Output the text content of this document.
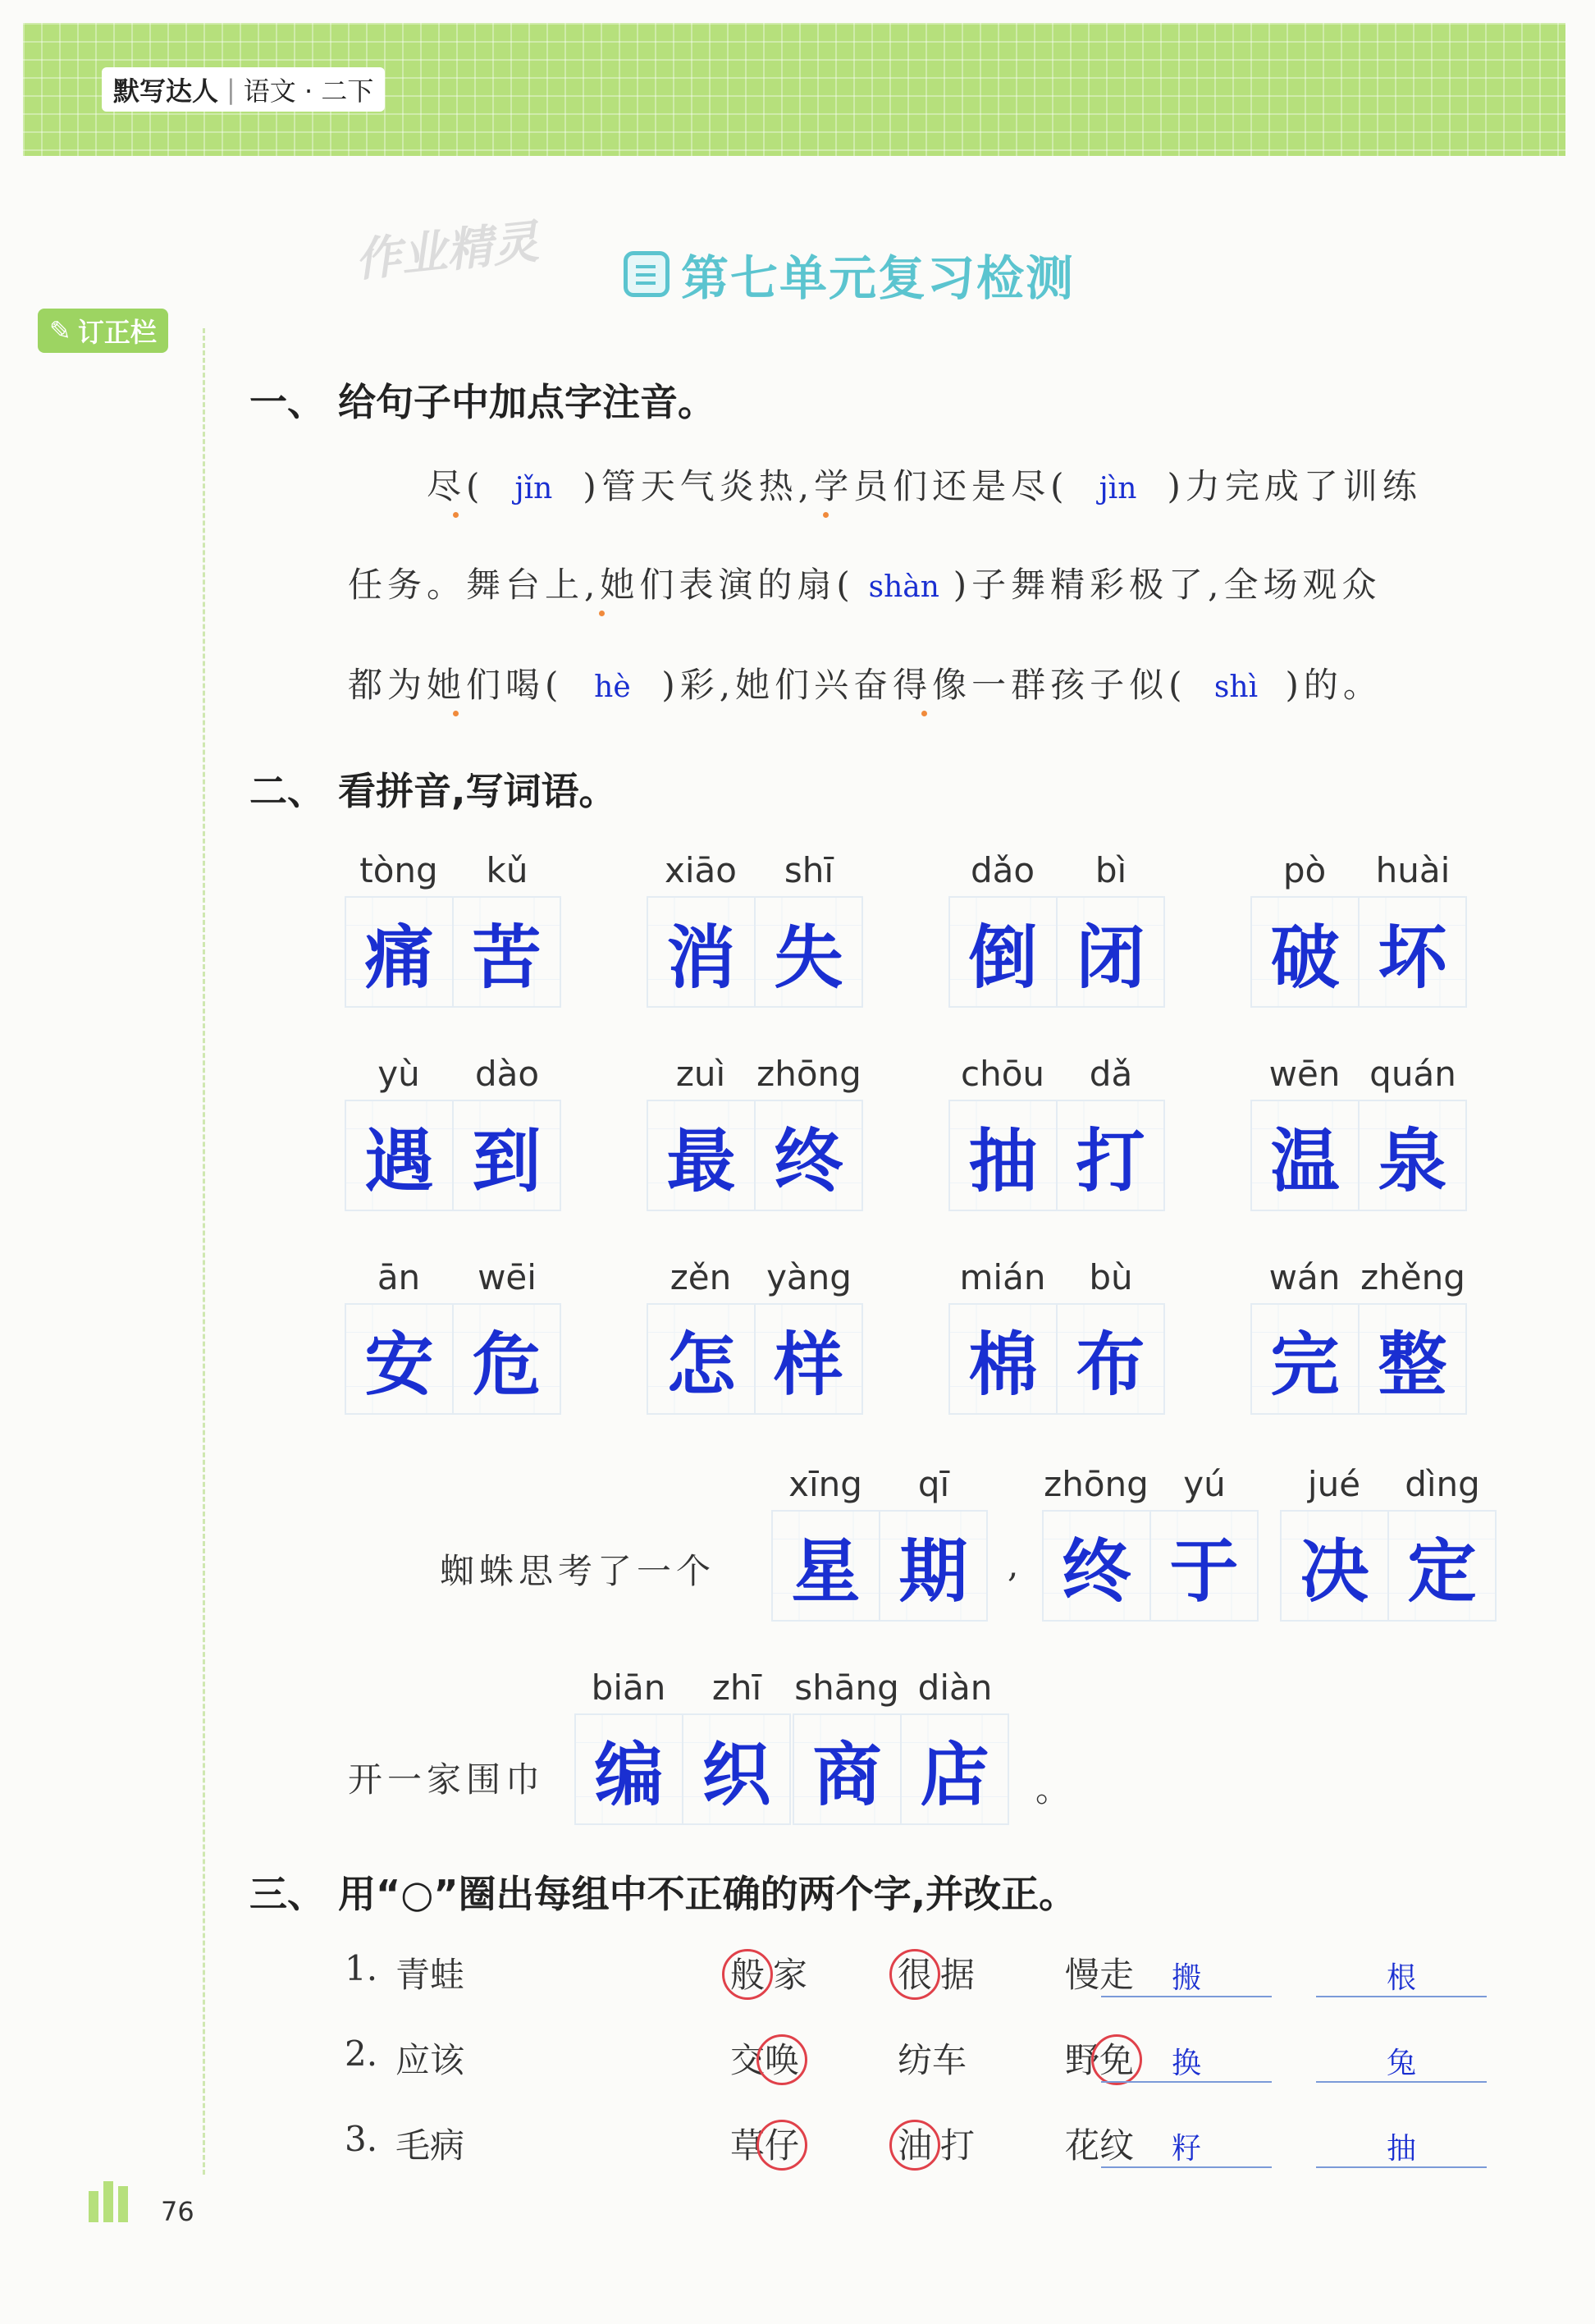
默写达人 | 语文 · 二下
✎ 订正栏
作业精灵	第七单元复习检测
一、 给句子中加点字注音。
尽( jǐn )管天气炎热,学员们还是尽( jìn )力完成了训练
任务。舞台上,她们表演的扇( shàn )子舞精彩极了,全场观众
都为她们喝( hè )彩,她们兴奋得像一群孩子似( shì )的。
二、 看拼音,写词语。
tòng	kǔ
痛 苦
xiāo	shī
消 失
dǎo	bì
倒 闭
pò	huài
破 坏
yù	dào
遇 到
zuì zhōng
最 终
chōu	dǎ
抽 打
wēn quán
温 泉
ān	wēi
安 危
zěn	yàng
怎 样
mián	bù
棉 布
wán zhěng
完 整
xīng	qī
星 期
zhōng	yú
终 于
jué	dìng
决 定
biān	zhī
编 织
shāng diàn
商 店
蜘蛛思考了一个	,
开一家围巾	。
三、 用“○”圈出每组中不正确的两个字,并改正。
1. 青蛙	般 家	很 据	慢走	搬	根
2. 应该	交唤	纺车	野免	换	兔
3. 毛病	草仔	油 打	花纹	籽	抽
76
